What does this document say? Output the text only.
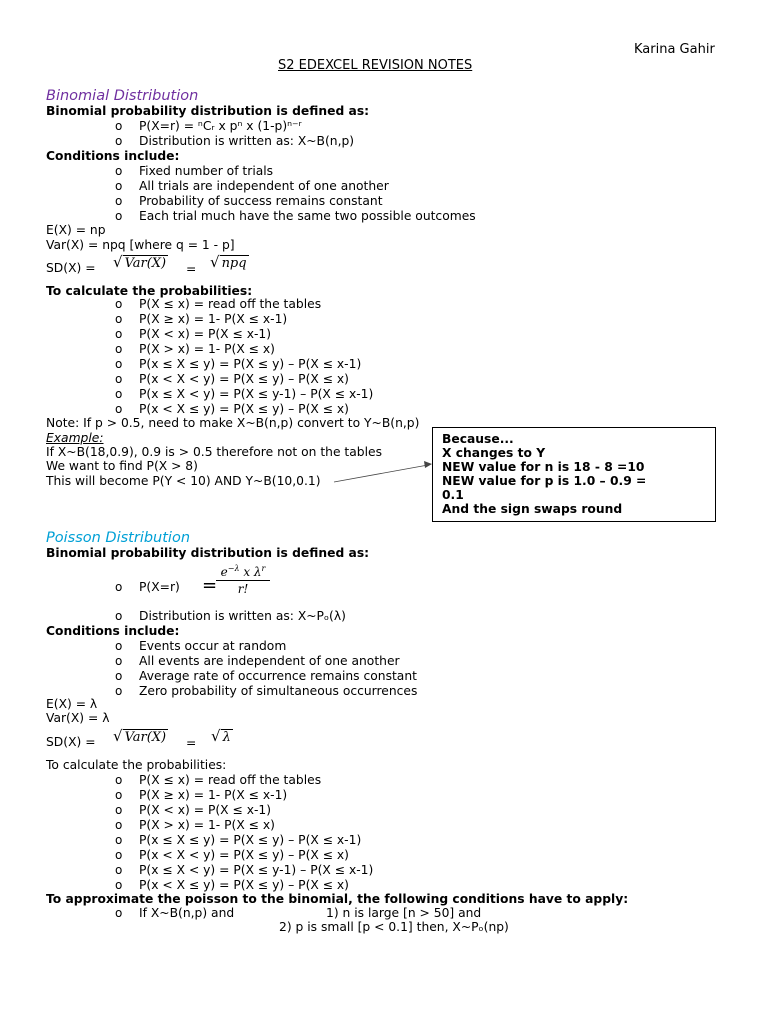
Karina Gahir
S2 EDEXCEL REVISION NOTES
Binomial Distribution
Binomial probability distribution is defined as:
o P(X=r) = ⁿCᵣ x pⁿ x (1-p)ⁿ⁻ʳ
o Distribution is written as: X~B(n,p)
Conditions include:
o Fixed number of trials
o All trials are independent of one another
o Probability of success remains constant
o Each trial much have the same two possible outcomes
E(X) = np
Var(X) = npq [where q = 1 - p]
SD(X) = √ Var(X) = √ npq
To calculate the probabilities:
o P(X ≤ x) = read off the tables
o P(X ≥ x) = 1- P(X ≤ x-1)
o P(X < x) = P(X ≤ x-1)
o P(X > x) = 1- P(X ≤ x)
o P(x ≤ X ≤ y) = P(X ≤ y) – P(X ≤ x-1)
o P(x < X < y) = P(X ≤ y) – P(X ≤ x)
o P(x ≤ X < y) = P(X ≤ y-1) – P(X ≤ x-1)
o P(x < X ≤ y) = P(X ≤ y) – P(X ≤ x)
Note: If p > 0.5, need to make X~B(n,p) convert to Y~B(n,p)
Example:
If X~B(18,0.9), 0.9 is > 0.5 therefore not on the tables
We want to find P(X > 8)
This will become P(Y < 10) AND Y~B(10,0.1)
Because...
X changes to Y
NEW value for n is 18 - 8 =10
NEW value for p is 1.0 – 0.9 =
0.1
And the sign swaps round
Poisson Distribution
Binomial probability distribution is defined as:
o P(X=r) =
$e^{-\lambda}$ x $\lambda^r$
r!
o Distribution is written as: X~Pₒ(λ)
Conditions include:
o Events occur at random
o All events are independent of one another
o Average rate of occurrence remains constant
o Zero probability of simultaneous occurrences
E(X) = λ
Var(X) = λ
SD(X) = √ Var(X) = √ λ
To calculate the probabilities:
o P(X ≤ x) = read off the tables
o P(X ≥ x) = 1- P(X ≤ x-1)
o P(X < x) = P(X ≤ x-1)
o P(X > x) = 1- P(X ≤ x)
o P(x ≤ X ≤ y) = P(X ≤ y) – P(X ≤ x-1)
o P(x < X < y) = P(X ≤ y) – P(X ≤ x)
o P(x ≤ X < y) = P(X ≤ y-1) – P(X ≤ x-1)
o P(x < X ≤ y) = P(X ≤ y) – P(X ≤ x)
To approximate the poisson to the binomial, the following conditions have to apply:
o If X~B(n,p) and	1) n is large [n > 50] and
2) p is small [p < 0.1] then, X~Pₒ(np)
